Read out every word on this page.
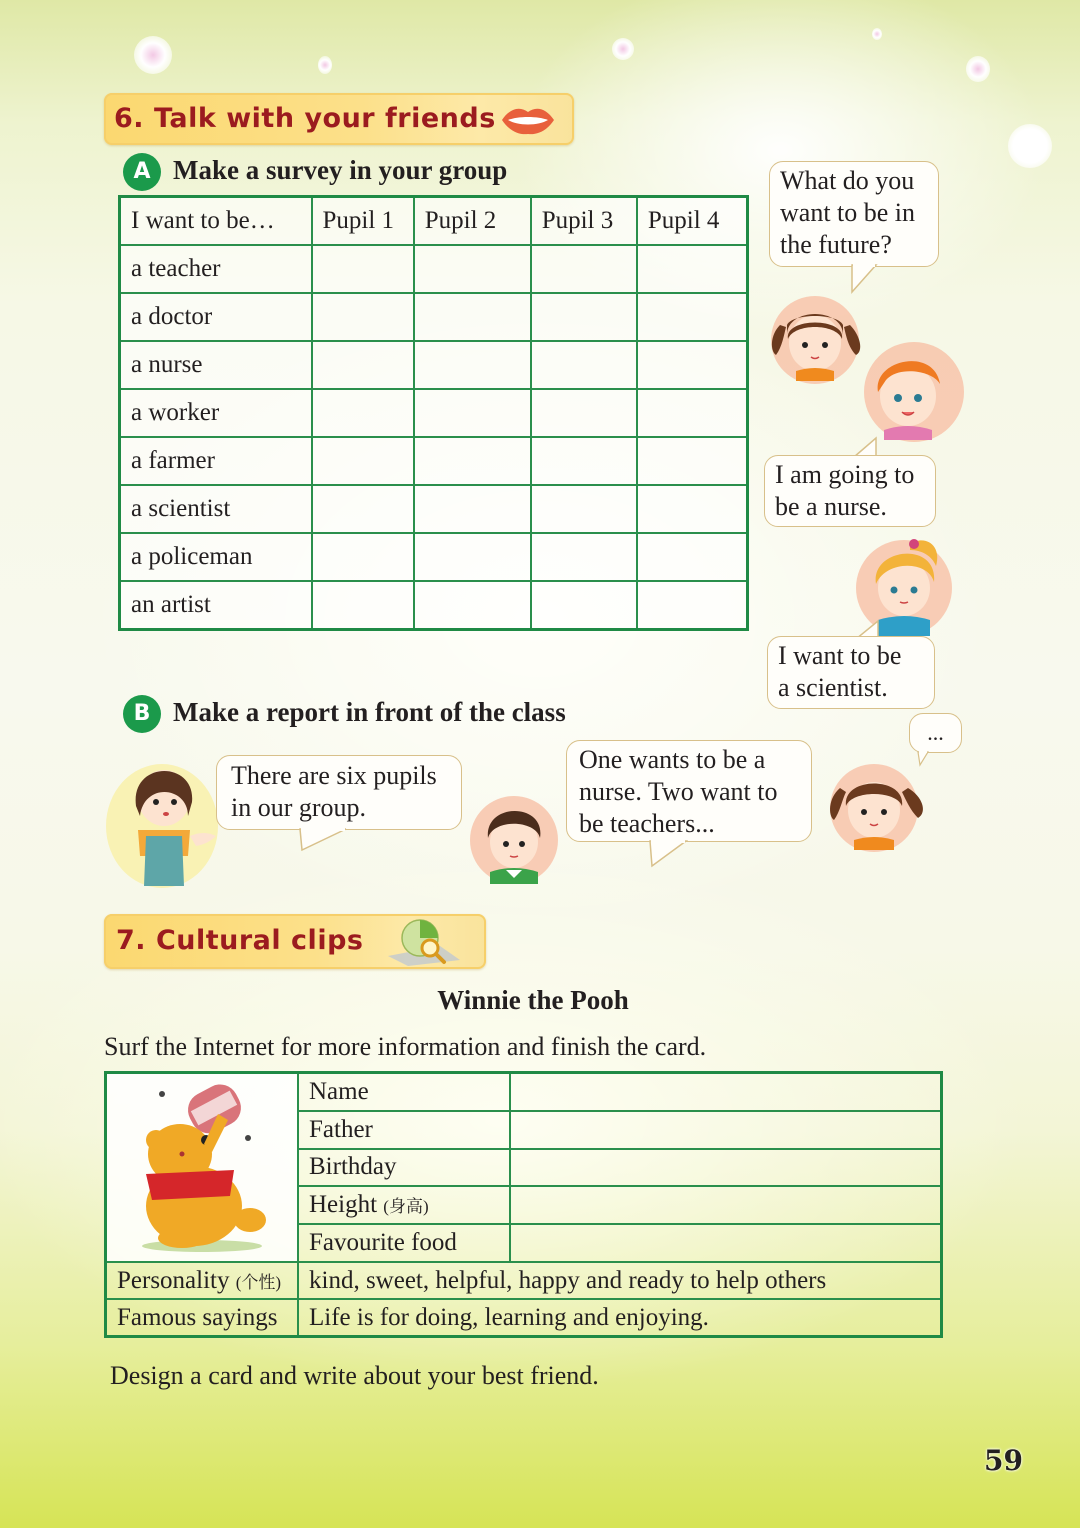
6. Talk with your friends
A Make a survey in your group
I want to be…	Pupil 1	Pupil 2	Pupil 3	Pupil 4
a teacher				
a doctor				
a nurse				
a worker				
a farmer				
a scientist				
a policeman				
an artist				
What do you
want to be in
the future?
I am going to
be a nurse.
I want to be
a scientist.
...
B Make a report in front of the class
There are six pupils
in our group.
One wants to be a
nurse. Two want to
be teachers...
7. Cultural clips
Winnie the Pooh
Surf the Internet for more information and finish the card.
	Name	
	Father	
	Birthday	
	Height (身高)	
	Favourite food	
Personality (个性)	kind, sweet, helpful, happy and ready to help others	
Famous sayings	Life is for doing, learning and enjoying.	
Design a card and write about your best friend.
59
